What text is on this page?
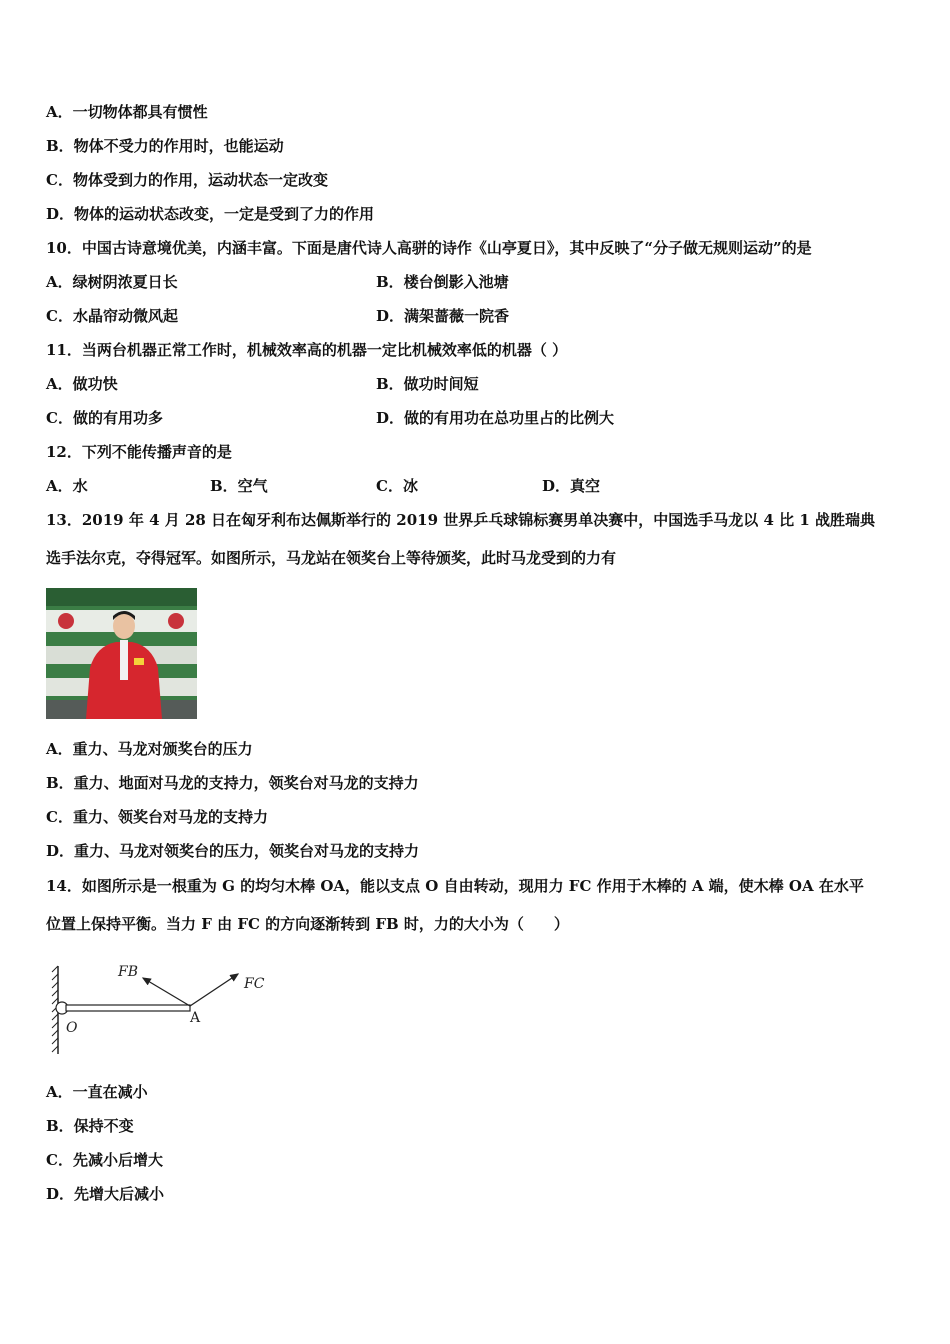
A．一切物体都具有惯性
B．物体不受力的作用时，也能运动
C．物体受到力的作用，运动状态一定改变
D．物体的运动状态改变，一定是受到了力的作用
10．中国古诗意境优美，内涵丰富。下面是唐代诗人高骈的诗作《山亭夏日》，其中反映了“分子做无规则运动”的是
A．绿树阴浓夏日长	B．楼台倒影入池塘
C．水晶帘动微风起	D．满架蔷薇一院香
11．当两台机器正常工作时，机械效率高的机器一定比机械效率低的机器（ ）
A．做功快	B．做功时间短
C．做的有用功多	D．做的有用功在总功里占的比例大
12．下列不能传播声音的是
A．水	B．空气	C．冰	D．真空
13．2019 年 4 月 28 日在匈牙利布达佩斯举行的 2019 世界乒乓球锦标赛男单决赛中，中国选手马龙以 4 比 1 战胜瑞典
选手法尔克，夺得冠军。如图所示，马龙站在领奖台上等待颁奖，此时马龙受到的力有
A．重力、马龙对颁奖台的压力
B．重力、地面对马龙的支持力，领奖台对马龙的支持力
C．重力、领奖台对马龙的支持力
D．重力、马龙对领奖台的压力，领奖台对马龙的支持力
14．如图所示是一根重为 G 的均匀木棒 OA，能以支点 O 自由转动，现用力 FC 作用于木棒的 A 端，使木棒 OA 在水平
位置上保持平衡。当力 F 由 FC 的方向逐渐转到 FB 时，力的大小为（　　）
FB
FC
A
O
A．一直在减小
B．保持不变
C．先减小后增大
D．先增大后减小
